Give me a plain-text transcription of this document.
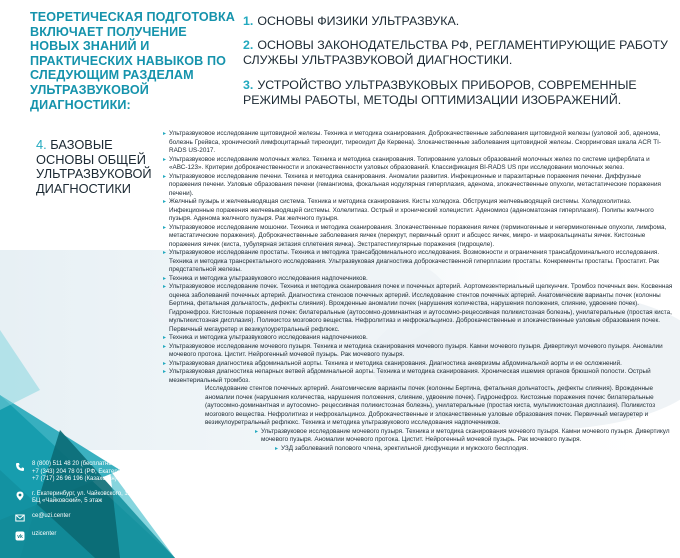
ТЕОРЕТИЧЕСКАЯ ПОДГОТОВКА ВКЛЮЧАЕТ ПОЛУЧЕНИЕ НОВЫХ ЗНАНИЙ И ПРАКТИЧЕСКИХ НАВЫКОВ ПО СЛЕДУЮЩИМ РАЗДЕЛАМ УЛЬТРАЗВУКОВОЙ ДИАГНОСТИКИ:
1. ОСНОВЫ ФИЗИКИ УЛЬТРАЗВУКА.
2. ОСНОВЫ ЗАКОНОДАТЕЛЬСТВА РФ, РЕГЛАМЕНТИРУЮЩИЕ РАБОТУ СЛУЖБЫ УЛЬТРАЗВУКОВОЙ ДИАГНОСТИКИ.
3. УСТРОЙСТВО УЛЬТРАЗВУКОВЫХ ПРИБОРОВ, СОВРЕМЕННЫЕ РЕЖИМЫ РАБОТЫ, МЕТОДЫ ОПТИМИЗАЦИИ ИЗОБРАЖЕНИЙ.
4. БАЗОВЫЕ ОСНОВЫ ОБЩЕЙ УЛЬТРАЗВУКОВОЙ ДИАГНОСТИКИ
▸ Ультразвуковое исследование щитовидной железы. Техника и методика сканирования. Доброкачественные заболевания щитовидной железы (узловой зоб, аденома, болезнь Грейвса, хронический лимфоцитарный тиреоидит, тиреоидит Де Кервена). Злокачественные заболевания щитовидной железы. Скорринговая шкала ACR TI-RADS US-2017.
▸ Ультразвуковое исследование молочных желез. Техника и методика сканирования. Топирование узловых образований молочных желез по системе циферблата и «АВС-123». Критерии доброкачественности и злокачественности узловых образований. Классификация BI-RADS US при исследовании молочных желез.
▸ Ультразвуковое исследование печени. Техника и методика сканирования. Аномалии развития. Инфекционные и паразитарные поражения печени. Диффузные поражения печени. Узловые образования печени (гемангиома, фокальная нодулярная гиперплазия, аденома, злокачественные опухоли, метастатические поражения печени).
▸ Желчный пузырь и желчевыводящая система. Техника и методика сканирования. Кисты холедоха. Обструкция желчевыводящей системы. Холедохолитиаз. Инфекционные поражения желчевыводящей системы. Холелитиаз. Острый и хронический холецистит. Аденомиоз (аденоматозная гиперплазия). Полипы желчного пузыря. Аденома желчного пузыря. Рак желчного пузыря.
▸ Ультразвуковое исследование мошонки. Техника и методика сканирования. Злокачественные поражения яичек (герминогенные и негерминогенные опухоли, лимфома, метастатические поражения). Доброкачественные заболевания яичек (перекрут, первичный орхит и абсцесс яичек, микро- и макрокальцинаты яичек. Кистозные поражения яичек (киста, тубулярная эктазия сплетения яичка). Экстратестикулярные поражения (гидроцеле).
▸ Ультразвуковое исследование простаты. Техника и методика трансабдоминального исследования. Возможности и ограничения трансабдоминального исследования. Техника и методика трансректального исследования. Ультразвуковая диагностика доброкачественной гиперплазии простаты. Конкременты простаты. Простатит. Рак предстательной железы.
▸ Техника и методика ультразвукового исследования надпочечников.
▸ Ультразвуковое исследование почек. Техника и методика сканирования почек и почечных артерий. Аортомезентериальный щелкунчик. Тромбоз почечных вен. Косвенная оценка заболеваний почечных артерий. Диагностика стенозов почечных артерий. Исследование стентов почечных артерий. Анатомические варианты почек (колонны Бертина, фетальная дольчатость, дефекты слияния). Врожденные аномалии почек (нарушения количества, нарушения положения, слияние, удвоение почек). Гидронефроз. Кистозные поражения почек: билатеральные (аутосомно-доминантная и аутосомно-рецессивная поликистозная болезнь), унилатеральные (простая киста, мультикистозная дисплазия). Поликистоз мозгового вещества. Нефролитиаз и нефрокальциноз. Доброкачественные и злокачественные узловые образования почек. Первичный мегауретер и везикулоуретральный рефлюкс.
▸ Техника и методика ультразвукового исследования надпочечников.
▸ Ультразвуковое исследование мочевого пузыря. Техника и методика сканирования мочевого пузыря. Камни мочевого пузыря. Дивертикул мочевого пузыря. Аномалии мочевого протока. Цистит. Нейрогенный мочевой пузырь. Рак мочевого пузыря.
▸ Ультразвуковая диагностика абдоминальной аорты. Техника и методика сканирования. Диагностика аневризмы абдоминальной аорты и ее осложнений.
▸ Ультразвуковая диагностика непарных ветвей абдоминальной аорты. Техника и методика сканирования. Хроническая ишемия органов брюшной полости. Острый мезентериальный тромбоз.
Исследование стентов почечных артерий. Анатомические варианты почек (колонны Бертина, фетальная дольчатость, дефекты слияния). Врожденные аномалии почек (нарушения количества, нарушения положения, слияние, удвоение почек). Гидронефроз. Кистозные поражения почек: билатеральные (аутосомно-доминантная и аутосомно- рецессивная поликистозная болезнь), унилатеральные (простая киста, мультикистозная дисплазия). Поликистоз мозгового вещества. Нефролитиаз и нефрокальциноз. Доброкачественные и злокачественные узловые образования почек. Первичный мегауретер и везикулоуретральный рефлюкс. Техника и методика ультразвукового исследования надпочечников.
▸ Ультразвуковое исследование мочевого пузыря. Техника и методика сканирования мочевого пузыря. Камни мочевого пузыря. Дивертикул мочевого пузыря. Аномалии мочевого протока. Цистит. Нейрогенный мочевой пузырь. Рак мочевого пузыря.
▸ УЗД заболеваний полового члена, эректильной дисфункции и мужского бесплодия.
8 (800) 511 48 20 (бесплатный вызов по РФ)
+7 (343) 204 78 01 (РФ, Екатеринбург)
+7 (717) 26 96 196 (Казахстан)
г. Екатеринбург, ул. Чайковского, 11
БЦ «Чайковский», 5 этаж
ce@uzi.center
vk
uzicenter
